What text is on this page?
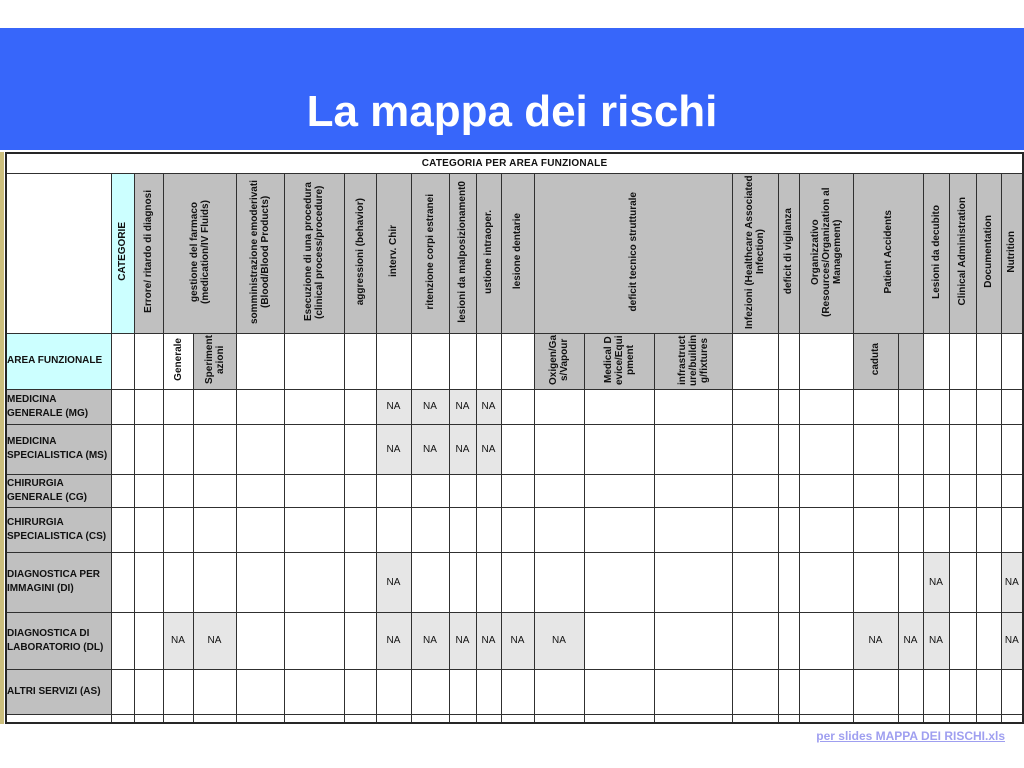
La mappa dei rischi
CATEGORIA PER AREA FUNZIONALE																								
	CATEGORIE	Errore/ ritardo di diagnosi	gestione del farmaco (medication/IV Fluids)		somministrazione emoderivati (Blood/Blood Products)	Esecuzione di una procedura (clinical process/procedure)	aggressioni (behavior)	interv. Chir	ritenzione corpi estranei	lesioni da malposizionament0	ustione intraoper.	lesione dentarie	deficit tecnico strutturale			Infezioni (Healthcare Associated Infection)	deficit di vigilanza	Organizzativo (Resources/Organization al Management)	Patient Accidents		Lesioni da decubito	Clinical Administration	Documentation	Nutrition
AREA FUNZIONALE			Generale	Sperimentazioni									Oxigen/Gas/Vapour	Medical Device/Equipment	infrastructure/building/fixtures				caduta					
MEDICINA GENERALE (MG)								NA	NA	NA	NA													
MEDICINA SPECIALISTICA (MS)								NA	NA	NA	NA													
CHIRURGIA GENERALE (CG)																								
CHIRURGIA SPECIALISTICA (CS)																								
DIAGNOSTICA PER IMMAGINI (DI)								NA													NA			NA
DIAGNOSTICA DI LABORATORIO (DL)			NA	NA				NA	NA	NA	NA	NA	NA						NA	NA	NA			NA
ALTRI SERVIZI (AS)																								

per slides MAPPA DEI RISCHI.xls
